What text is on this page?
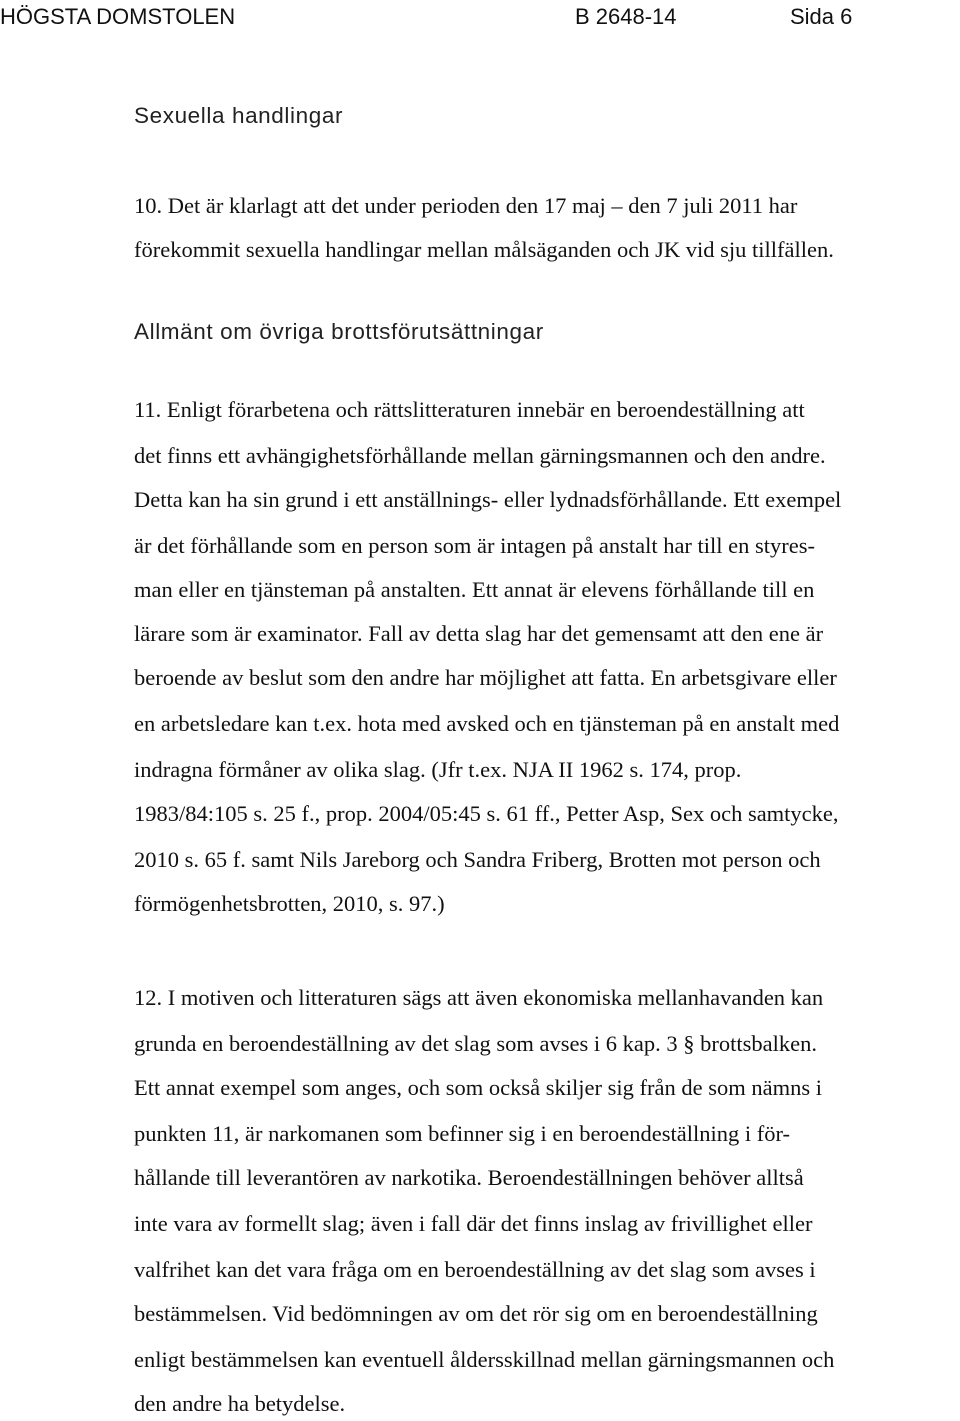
HÖGSTA DOMSTOLEN	B 2648-14	Sida 6
Sexuella handlingar
10. Det är klarlagt att det under perioden den 17 maj – den 7 juli 2011 har
förekommit sexuella handlingar mellan målsäganden och JK vid sju tillfällen.
Allmänt om övriga brottsförutsättningar
11. Enligt förarbetena och rättslitteraturen innebär en beroendeställning att
det finns ett avhängighetsförhållande mellan gärningsmannen och den andre.
Detta kan ha sin grund i ett anställnings- eller lydnadsförhållande. Ett exempel
är det förhållande som en person som är intagen på anstalt har till en styres-
man eller en tjänsteman på anstalten. Ett annat är elevens förhållande till en
lärare som är examinator. Fall av detta slag har det gemensamt att den ene är
beroende av beslut som den andre har möjlighet att fatta. En arbetsgivare eller
en arbetsledare kan t.ex. hota med avsked och en tjänsteman på en anstalt med
indragna förmåner av olika slag. (Jfr t.ex. NJA II 1962 s. 174, prop.
1983/84:105 s. 25 f., prop. 2004/05:45 s. 61 ff., Petter Asp, Sex och samtycke,
2010 s. 65 f. samt Nils Jareborg och Sandra Friberg, Brotten mot person och
förmögenhetsbrotten, 2010, s. 97.)
12. I motiven och litteraturen sägs att även ekonomiska mellanhavanden kan
grunda en beroendeställning av det slag som avses i 6 kap. 3 § brottsbalken.
Ett annat exempel som anges, och som också skiljer sig från de som nämns i
punkten 11, är narkomanen som befinner sig i en beroendeställning i för-
hållande till leverantören av narkotika. Beroendeställningen behöver alltså
inte vara av formellt slag; även i fall där det finns inslag av frivillighet eller
valfrihet kan det vara fråga om en beroendeställning av det slag som avses i
bestämmelsen. Vid bedömningen av om det rör sig om en beroendeställning
enligt bestämmelsen kan eventuell åldersskillnad mellan gärningsmannen och
den andre ha betydelse.
